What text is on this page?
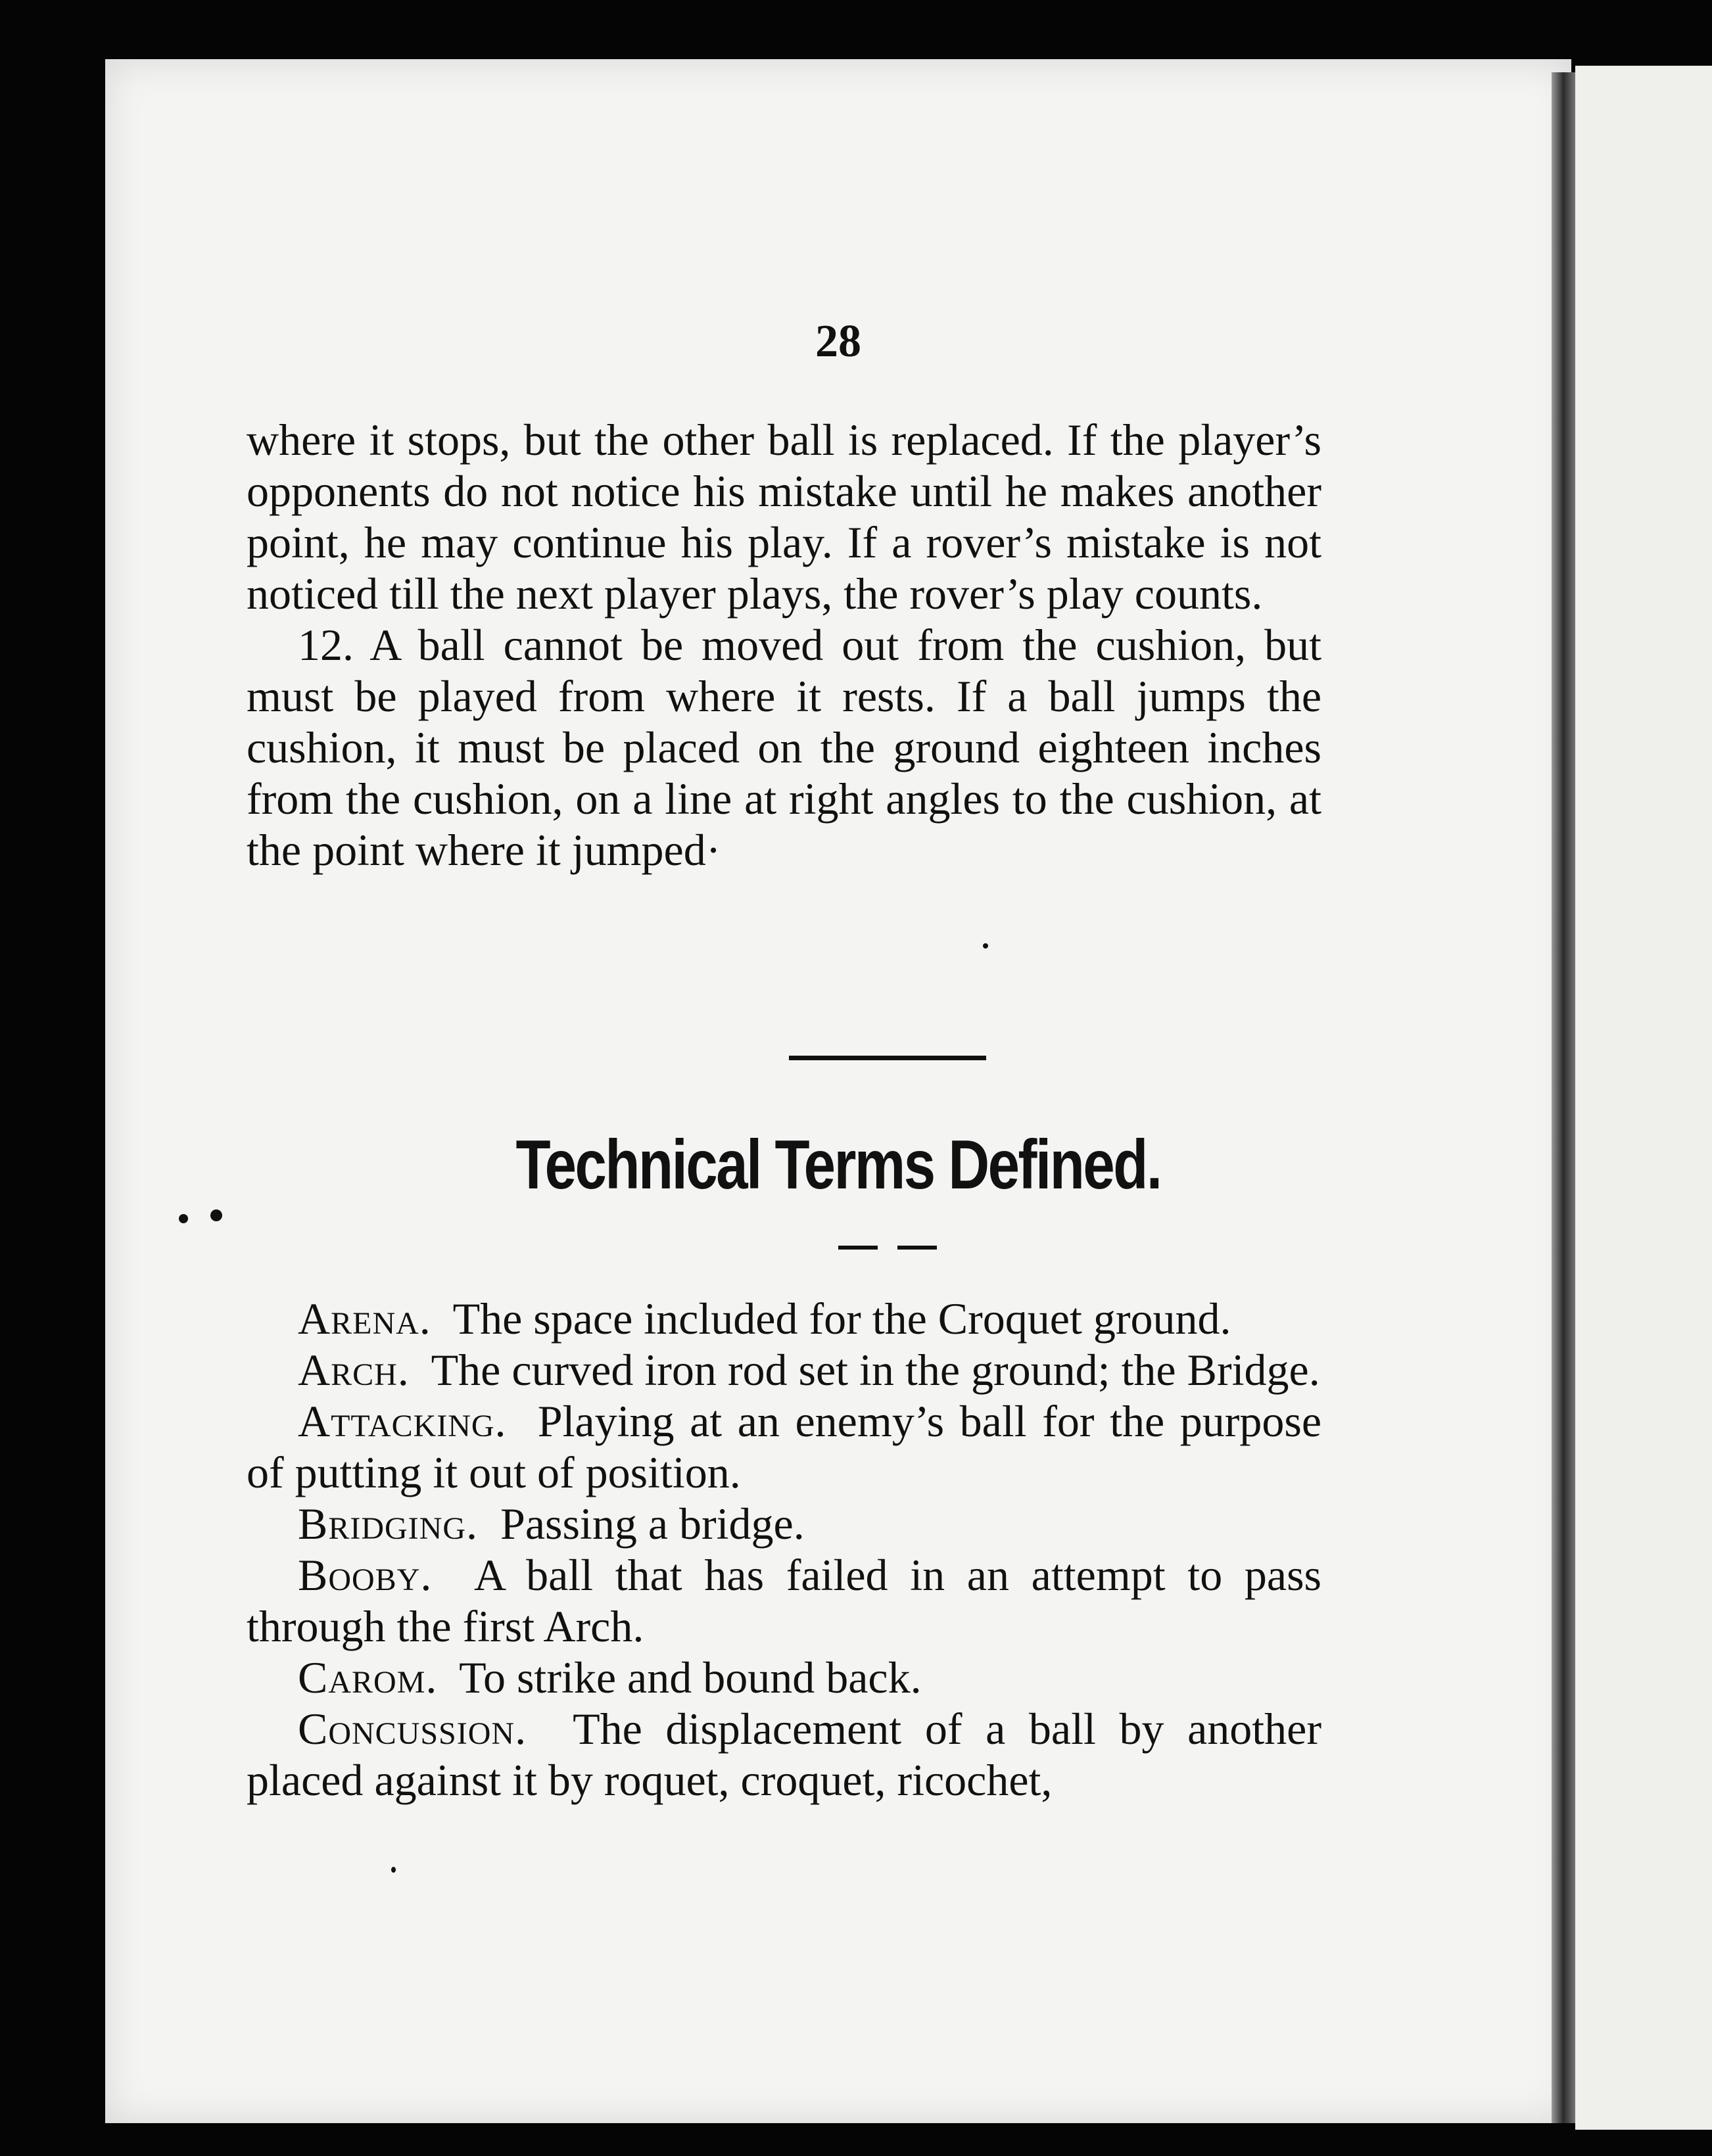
28

where it stops, but the other ball is replaced. If the player’s opponents do not notice his mistake until he makes another point, he may continue his play. If a rover’s mistake is not noticed till the next player plays, the rover’s play counts.

12. A ball cannot be moved out from the cushion, but must be played from where it rests. If a ball jumps the cushion, it must be placed on the ground eighteen inches from the cushion, on a line at right angles to the cushion, at the point where it jumped·

Technical Terms Defined.

Arena. The space included for the Croquet ground.

Arch. The curved iron rod set in the ground; the Bridge.

Attacking. Playing at an enemy’s ball for the purpose of putting it out of position.

Bridging. Passing a bridge.

Booby. A ball that has failed in an attempt to pass through the first Arch.

Carom. To strike and bound back.

Concussion. The displacement of a ball by another placed against it by roquet, croquet, ricochet,
